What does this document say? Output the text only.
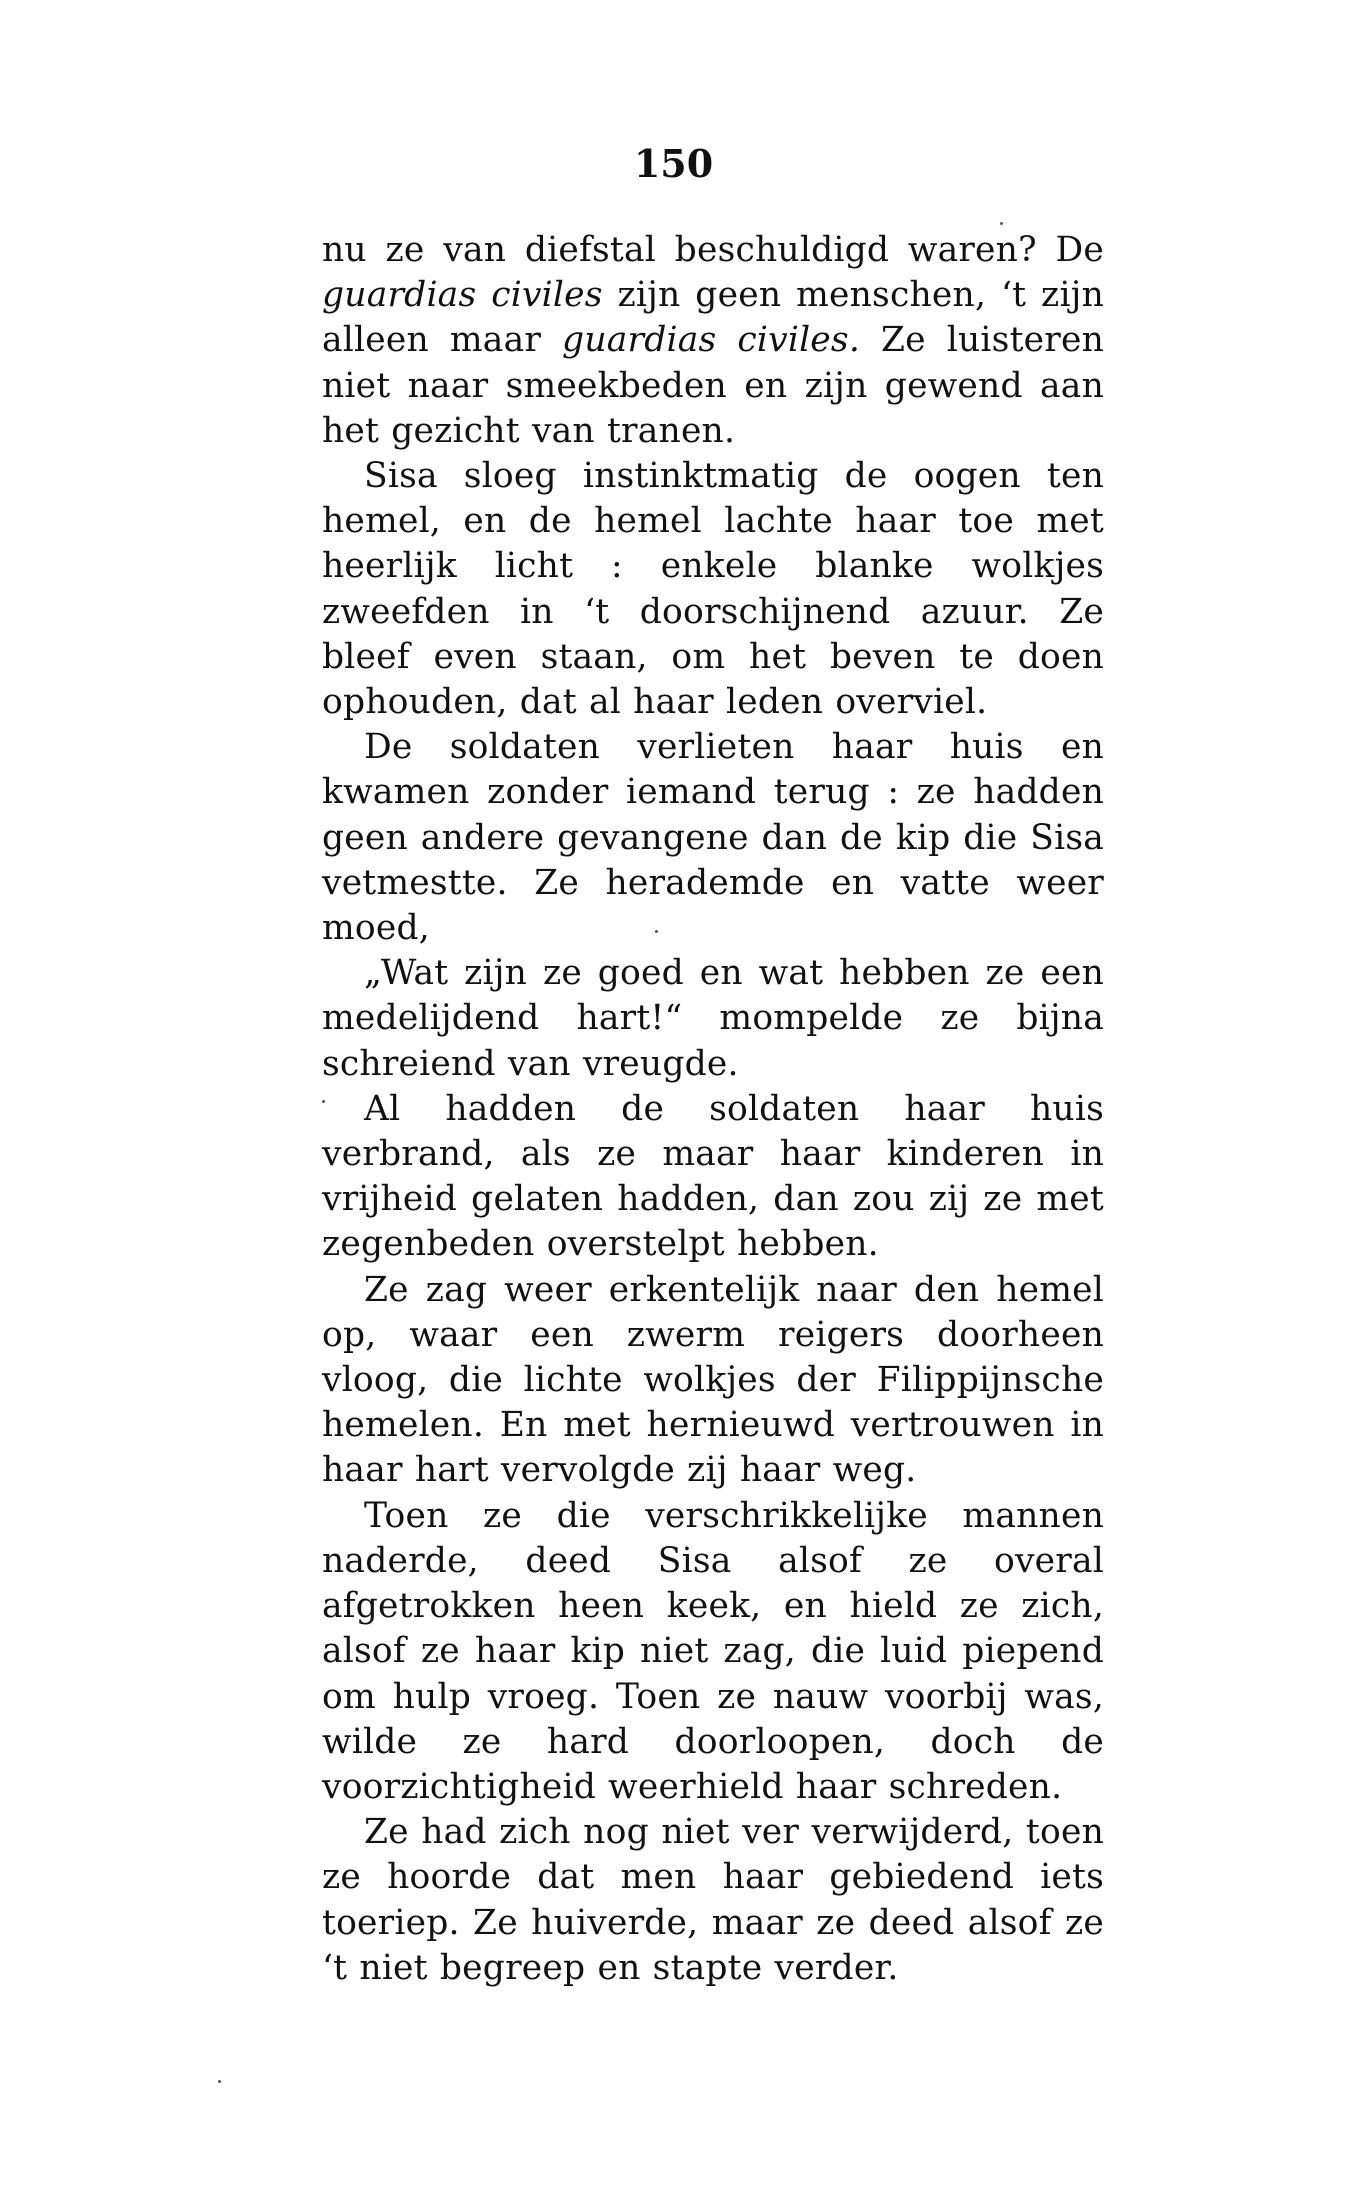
150

nu ze van diefstal beschuldigd waren? De guardias civiles zijn geen menschen, ‘t zijn alleen maar guardias civiles. Ze luisteren niet naar smeekbeden en zijn gewend aan het gezicht van tranen.

Sisa sloeg instinktmatig de oogen ten hemel, en de hemel lachte haar toe met heerlijk licht : enkele blanke wolkjes zweefden in ‘t doorschijnend azuur. Ze bleef even staan, om het beven te doen ophouden, dat al haar leden overviel.

De soldaten verlieten haar huis en kwamen zonder iemand terug : ze hadden geen andere gevangene dan de kip die Sisa vetmestte. Ze herademde en vatte weer moed,

„Wat zijn ze goed en wat hebben ze een medelijdend hart!“ mompelde ze bijna schreiend van vreugde.

Al hadden de soldaten haar huis verbrand, als ze maar haar kinderen in vrijheid gelaten hadden, dan zou zij ze met zegenbeden overstelpt hebben.

Ze zag weer erkentelijk naar den hemel op, waar een zwerm reigers doorheen vloog, die lichte wolkjes der Filippijnsche hemelen. En met hernieuwd vertrouwen in haar hart vervolgde zij haar weg.

Toen ze die verschrikkelijke mannen naderde, deed Sisa alsof ze overal afgetrokken heen keek, en hield ze zich, alsof ze haar kip niet zag, die luid piepend om hulp vroeg. Toen ze nauw voorbij was, wilde ze hard doorloopen, doch de voorzichtigheid weerhield haar schreden.

Ze had zich nog niet ver verwijderd, toen ze hoorde dat men haar gebiedend iets toeriep. Ze huiverde, maar ze deed alsof ze ‘t niet begreep en stapte verder.
